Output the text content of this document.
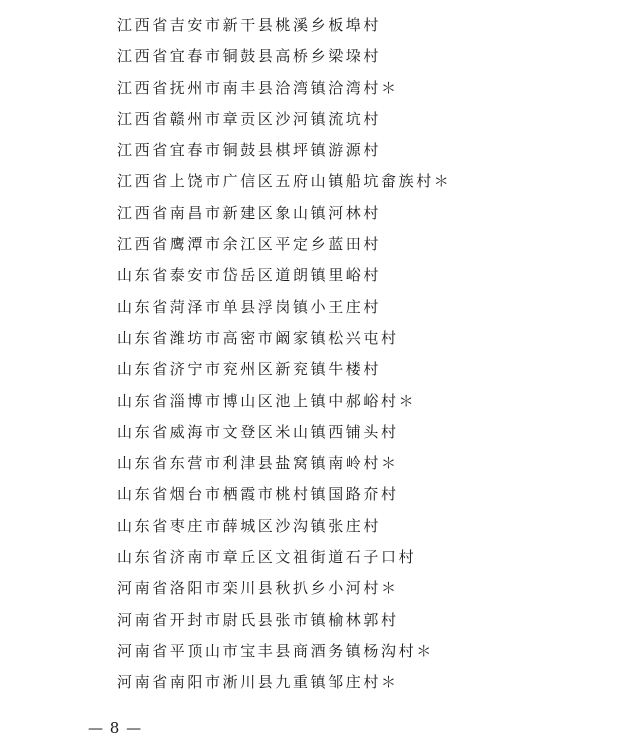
江西省吉安市新干县桃溪乡板埠村
江西省宜春市铜鼓县高桥乡梁垜村
江西省抚州市南丰县洽湾镇洽湾村＊
江西省赣州市章贡区沙河镇流坑村
江西省宜春市铜鼓县棋坪镇游源村
江西省上饶市广信区五府山镇船坑畲族村＊
江西省南昌市新建区象山镇河林村
江西省鹰潭市余江区平定乡蓝田村
山东省泰安市岱岳区道朗镇里峪村
山东省菏泽市单县浮岗镇小王庄村
山东省潍坊市高密市阚家镇松兴屯村
山东省济宁市兖州区新兖镇牛楼村
山东省淄博市博山区池上镇中郝峪村＊
山东省威海市文登区米山镇西铺头村
山东省东营市利津县盐窝镇南岭村＊
山东省烟台市栖霞市桃村镇国路夼村
山东省枣庄市薛城区沙沟镇张庄村
山东省济南市章丘区文祖街道石子口村
河南省洛阳市栾川县秋扒乡小河村＊
河南省开封市尉氏县张市镇榆林郭村
河南省平顶山市宝丰县商酒务镇杨沟村＊
河南省南阳市淅川县九重镇邹庄村＊
— 8 —
